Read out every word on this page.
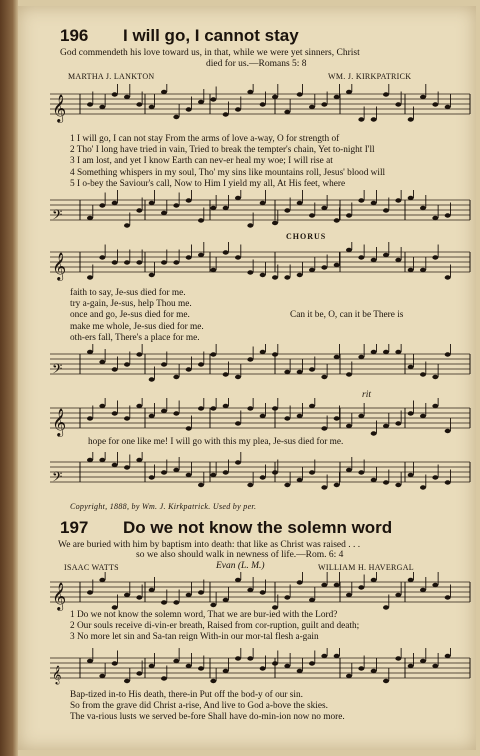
196 I will go, I cannot stay
God commendeth his love toward us, in that, while we were yet sinners, Christ
died for us.—Romans 5: 8
MARTHA J. LANKTON	WM. J. KIRKPATRICK
𝄞
1 I will go, I can not stay From the arms of love a-way, O for strength of
2 Tho' I long have tried in vain, Tried to break the tempter's chain, Yet to-night I'll
3 I am lost, and yet I know Earth can nev-er heal my woe; I will rise at
4 Something whispers in my soul, Tho' my sins like mountains roll, Jesus' blood will
5 I o-bey the Saviour's call, Now to Him I yield my all, At His feet, where
𝄢
CHORUS
𝄞
faith to say, Je-sus died for me.
try a-gain, Je-sus, help Thou me.
once and go, Je-sus died for me.
make me whole, Je-sus died for me.
oth-ers fall, There's a place for me.
Can it be, O, can it be There is
𝄢
rit
𝄞
hope for one like me! I will go with this my plea, Je-sus died for me.
𝄢
Copyright, 1888, by Wm. J. Kirkpatrick. Used by per.
197 Do we not know the solemn word
We are buried with him by baptism into death: that like as Christ was raised . . .
so we also should walk in newness of life.—Rom. 6: 4
ISAAC WATTS	Evan (L. M.)	WILLIAM H. HAVERGAL
𝄞
1 Do we not know the solemn word, That we are bur-ied with the Lord?
2 Our souls receive di-vin-er breath, Raised from cor-ruption, guilt and death;
3 No more let sin and Sa-tan reign With-in our mor-tal flesh a-gain
𝄞
Bap-tized in-to His death, there-in Put off the bod-y of our sin.
So from the grave did Christ a-rise, And live to God a-bove the skies.
The va-rious lusts we served be-fore Shall have do-min-ion now no more.
